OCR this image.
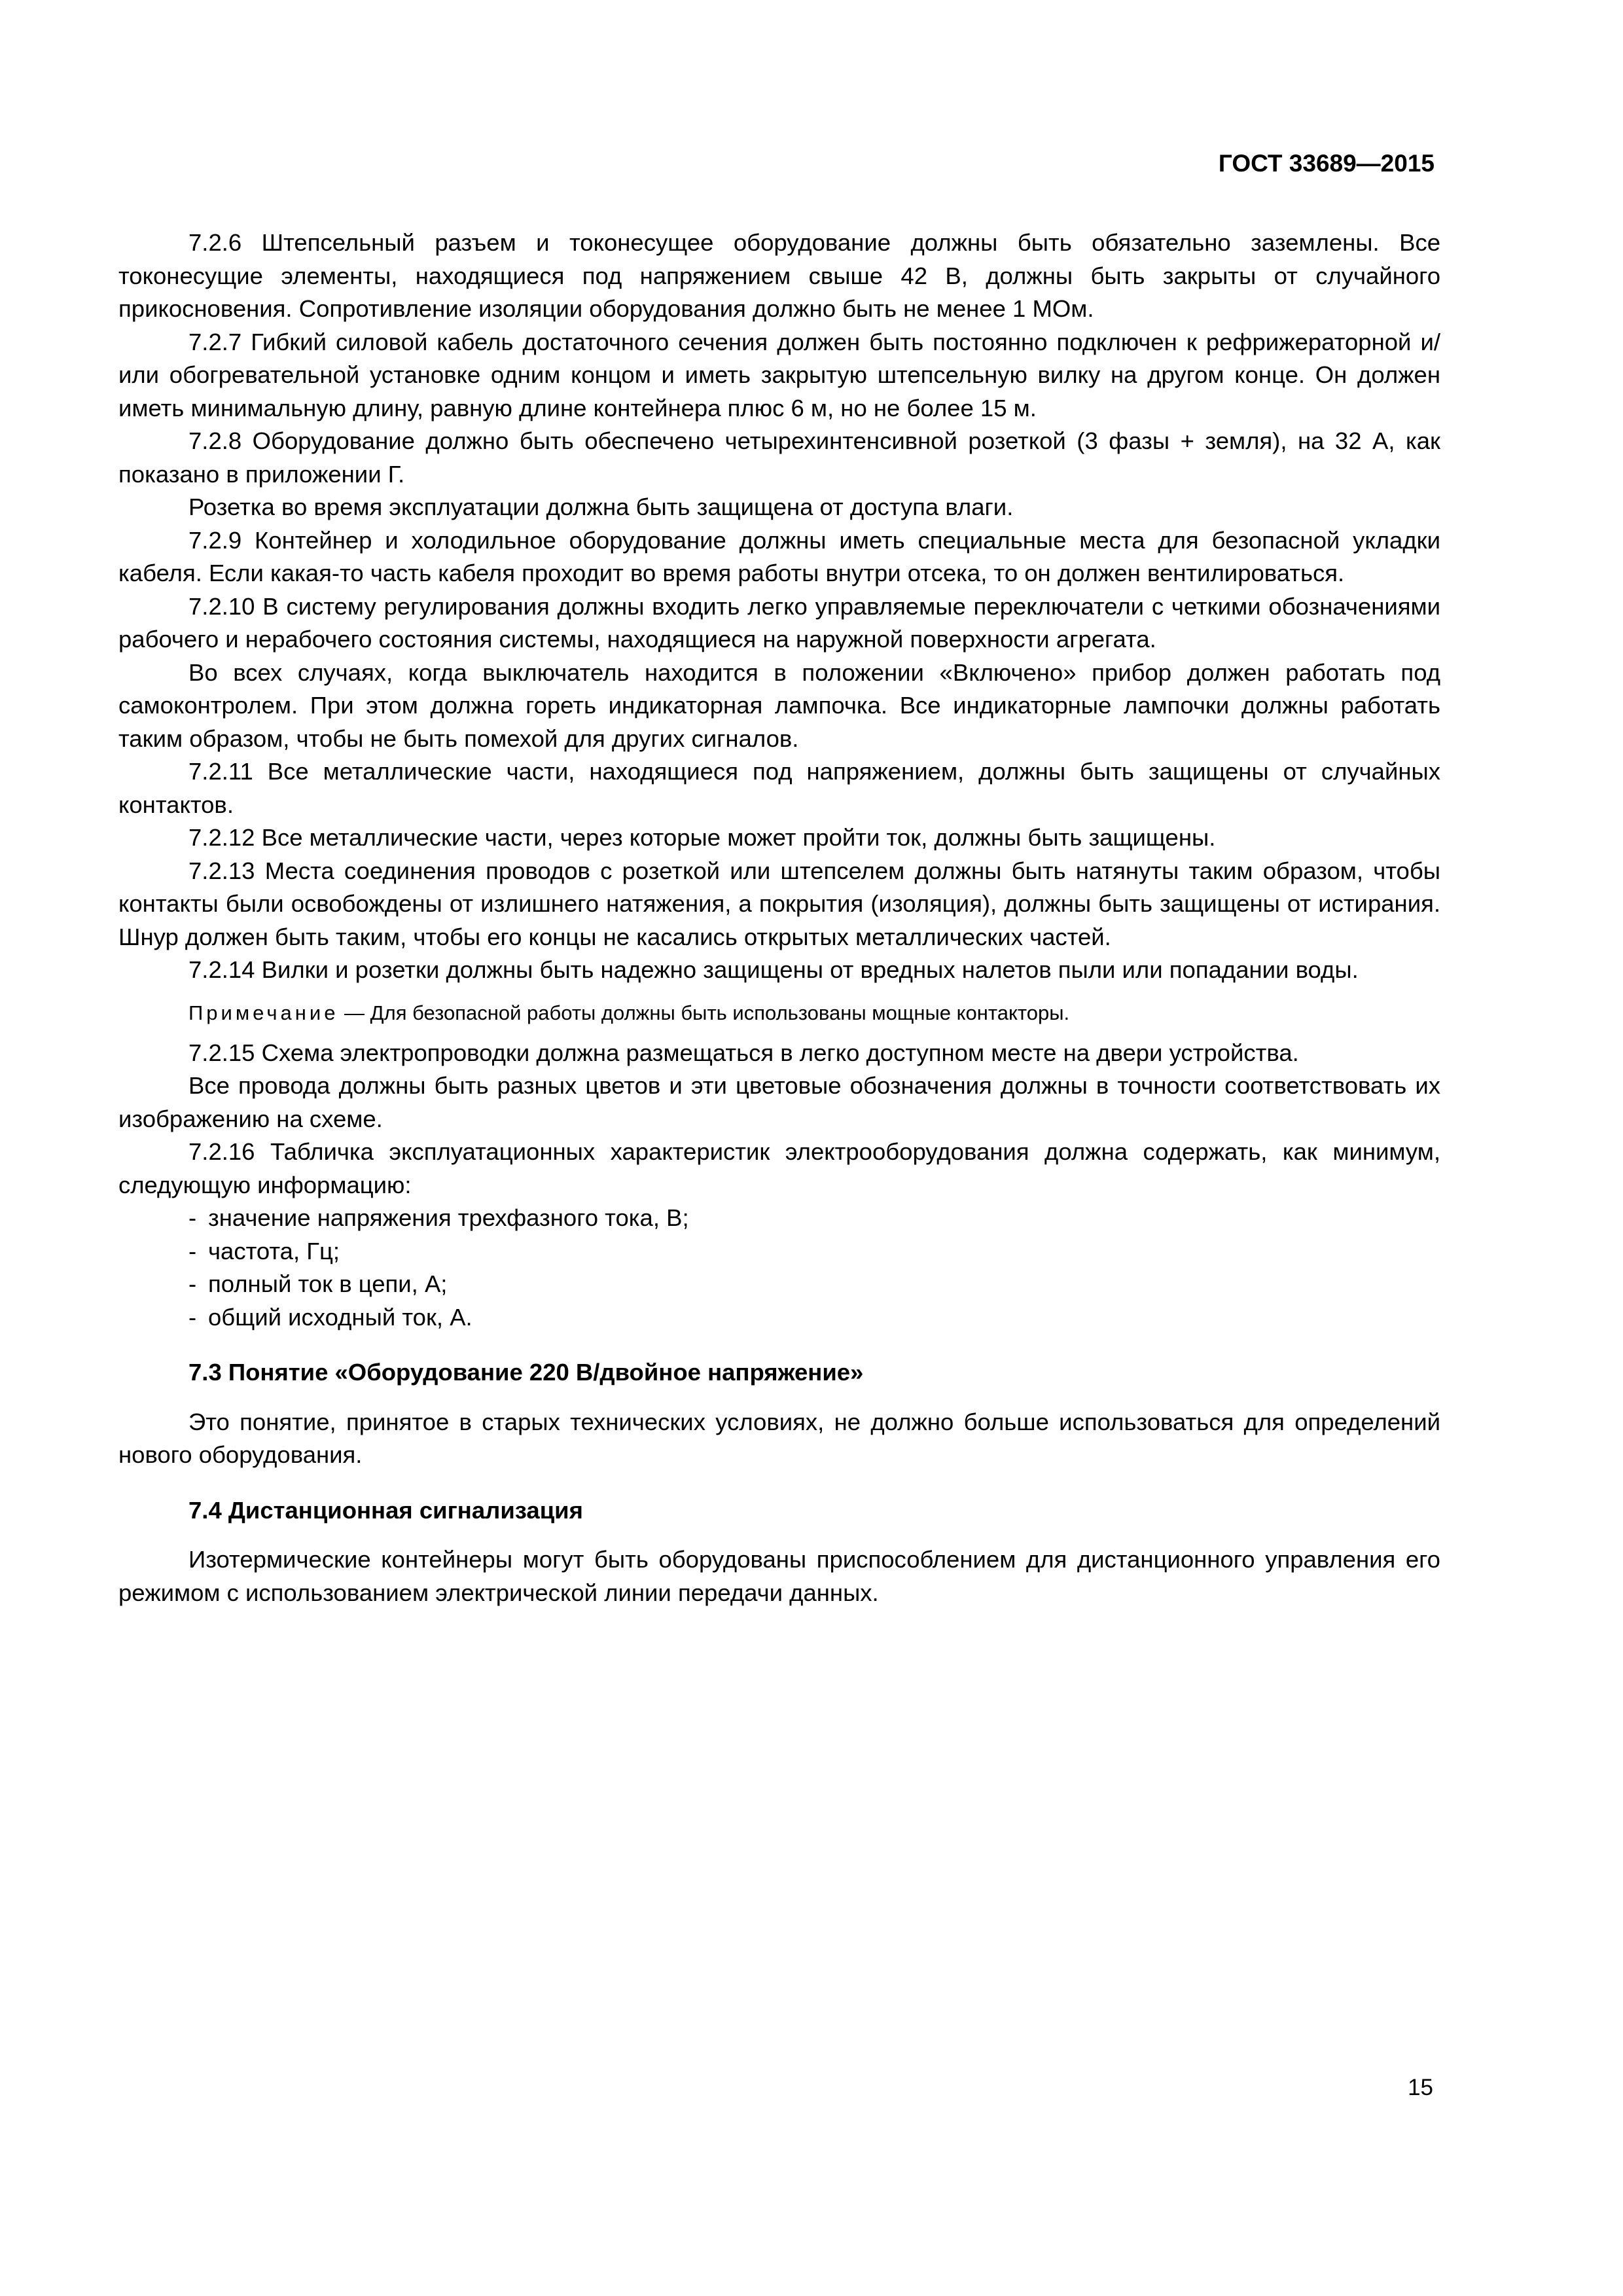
ГОСТ 33689—2015

7.2.6 Штепсельный разъем и токонесущее оборудование должны быть обязательно заземлены. Все токонесущие элементы, находящиеся под напряжением свыше 42 В, должны быть закрыты от случайного прикосновения. Сопротивление изоляции оборудования должно быть не менее 1 МОм.

7.2.7 Гибкий силовой кабель достаточного сечения должен быть постоянно подключен к рефрижераторной и/или обогревательной установке одним концом и иметь закрытую штепсельную вилку на другом конце. Он должен иметь минимальную длину, равную длине контейнера плюс 6 м, но не более 15 м.

7.2.8 Оборудование должно быть обеспечено четырехинтенсивной розеткой (3 фазы + земля), на 32 А, как показано в приложении Г.

Розетка во время эксплуатации должна быть защищена от доступа влаги.

7.2.9 Контейнер и холодильное оборудование должны иметь специальные места для безопасной укладки кабеля. Если какая-то часть кабеля проходит во время работы внутри отсека, то он должен вентилироваться.

7.2.10 В систему регулирования должны входить легко управляемые переключатели с четкими обозначениями рабочего и нерабочего состояния системы, находящиеся на наружной поверхности агрегата.

Во всех случаях, когда выключатель находится в положении «Включено» прибор должен работать под самоконтролем. При этом должна гореть индикаторная лампочка. Все индикаторные лампочки должны работать таким образом, чтобы не быть помехой для других сигналов.

7.2.11 Все металлические части, находящиеся под напряжением, должны быть защищены от случайных контактов.

7.2.12 Все металлические части, через которые может пройти ток, должны быть защищены.

7.2.13 Места соединения проводов с розеткой или штепселем должны быть натянуты таким образом, чтобы контакты были освобождены от излишнего натяжения, а покрытия (изоляция), должны быть защищены от истирания. Шнур должен быть таким, чтобы его концы не касались открытых металлических частей.

7.2.14 Вилки и розетки должны быть надежно защищены от вредных налетов пыли или попадании воды.

Примечание — Для безопасной работы должны быть использованы мощные контакторы.

7.2.15 Схема электропроводки должна размещаться в легко доступном месте на двери устройства.

Все провода должны быть разных цветов и эти цветовые обозначения должны в точности соответствовать их изображению на схеме.

7.2.16 Табличка эксплуатационных характеристик электрооборудования должна содержать, как минимум, следующую информацию:

- значение напряжения трехфазного тока, В;
- частота, Гц;
- полный ток в цепи, А;
- общий исходный ток, А.

7.3 Понятие «Оборудование 220 В/двойное напряжение»

Это понятие, принятое в старых технических условиях, не должно больше использоваться для определений нового оборудования.

7.4 Дистанционная сигнализация

Изотермические контейнеры могут быть оборудованы приспособлением для дистанционного управления его режимом с использованием электрической линии передачи данных.

15
